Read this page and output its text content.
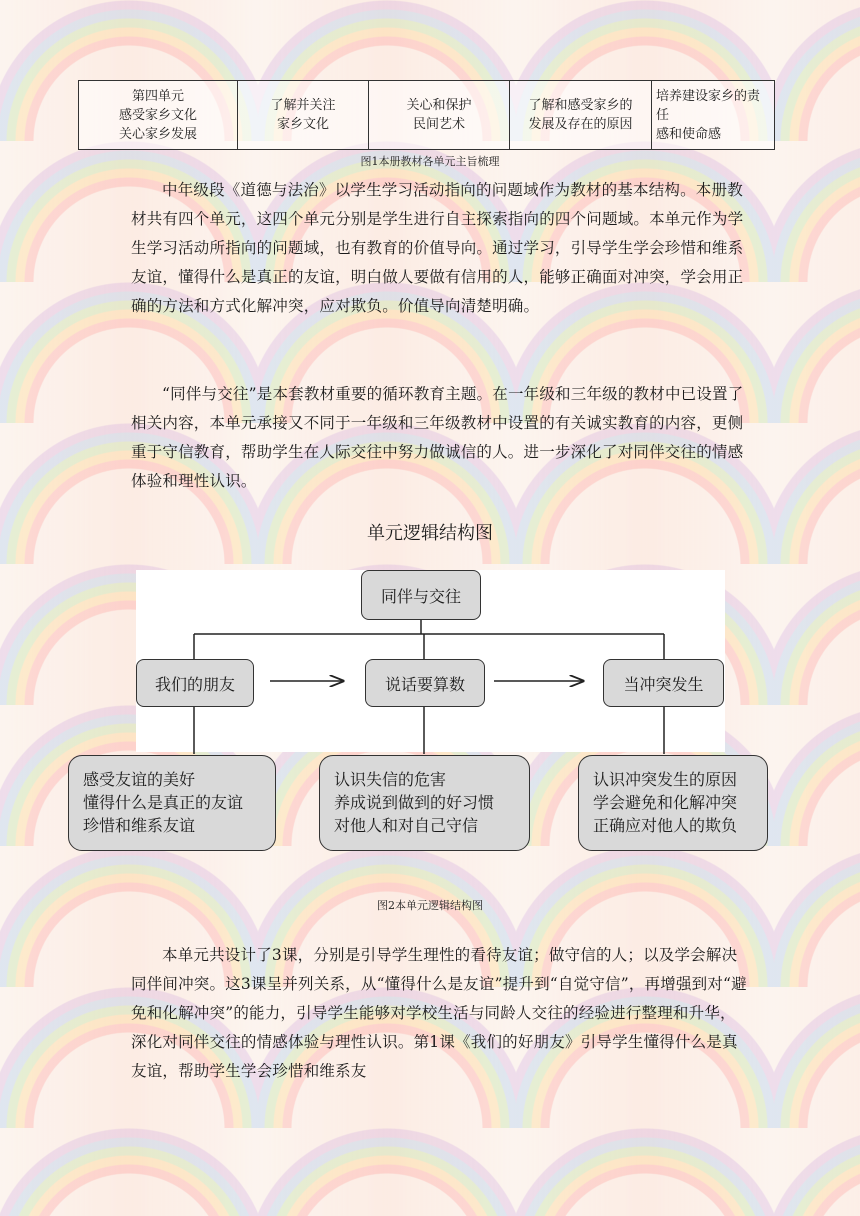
第四单元
感受家乡文化
关心家乡发展

了解并关注
家乡文化

关心和保护
民间艺术

了解和感受家乡的
发展及存在的原因

培养建设家乡的责任
感和使命感
图1本册教材各单元主旨梳理

中年级段《道德与法治》以学生学习活动指向的问题域作为教材的基本结构。本册教材共有四个单元，这四个单元分别是学生进行自主探索指向的四个问题域。本单元作为学生学习活动所指向的问题域，也有教育的价值导向。通过学习，引导学生学会珍惜和维系友谊，懂得什么是真正的友谊，明白做人要做有信用的人，能够正确面对冲突，学会用正确的方法和方式化解冲突，应对欺负。价值导向清楚明确。

“同伴与交往”是本套教材重要的循环教育主题。在一年级和三年级的教材中已设置了相关内容，本单元承接又不同于一年级和三年级教材中设置的有关诚实教育的内容，更侧重于守信教育，帮助学生在人际交往中努力做诚信的人。进一步深化了对同伴交往的情感体验和理性认识。

单元逻辑结构图
同伴与交往
我们的朋友	说话要算数	当冲突发生
感受友谊的美好
懂得什么是真正的友谊
珍惜和维系友谊
认识失信的危害
养成说到做到的好习惯
对他人和对自己守信
认识冲突发生的原因
学会避免和化解冲突
正确应对他人的欺负
图2本单元逻辑结构图

本单元共设计了3课，分别是引导学生理性的看待友谊；做守信的人；以及学会解决同伴间冲突。这3课呈并列关系，从“懂得什么是友谊”提升到“自觉守信”，再增强到对“避免和化解冲突”的能力，引导学生能够对学校生活与同龄人交往的经验进行整理和升华，深化对同伴交往的情感体验与理性认识。第1课《我们的好朋友》引导学生懂得什么是真友谊，帮助学生学会珍惜和维系友
